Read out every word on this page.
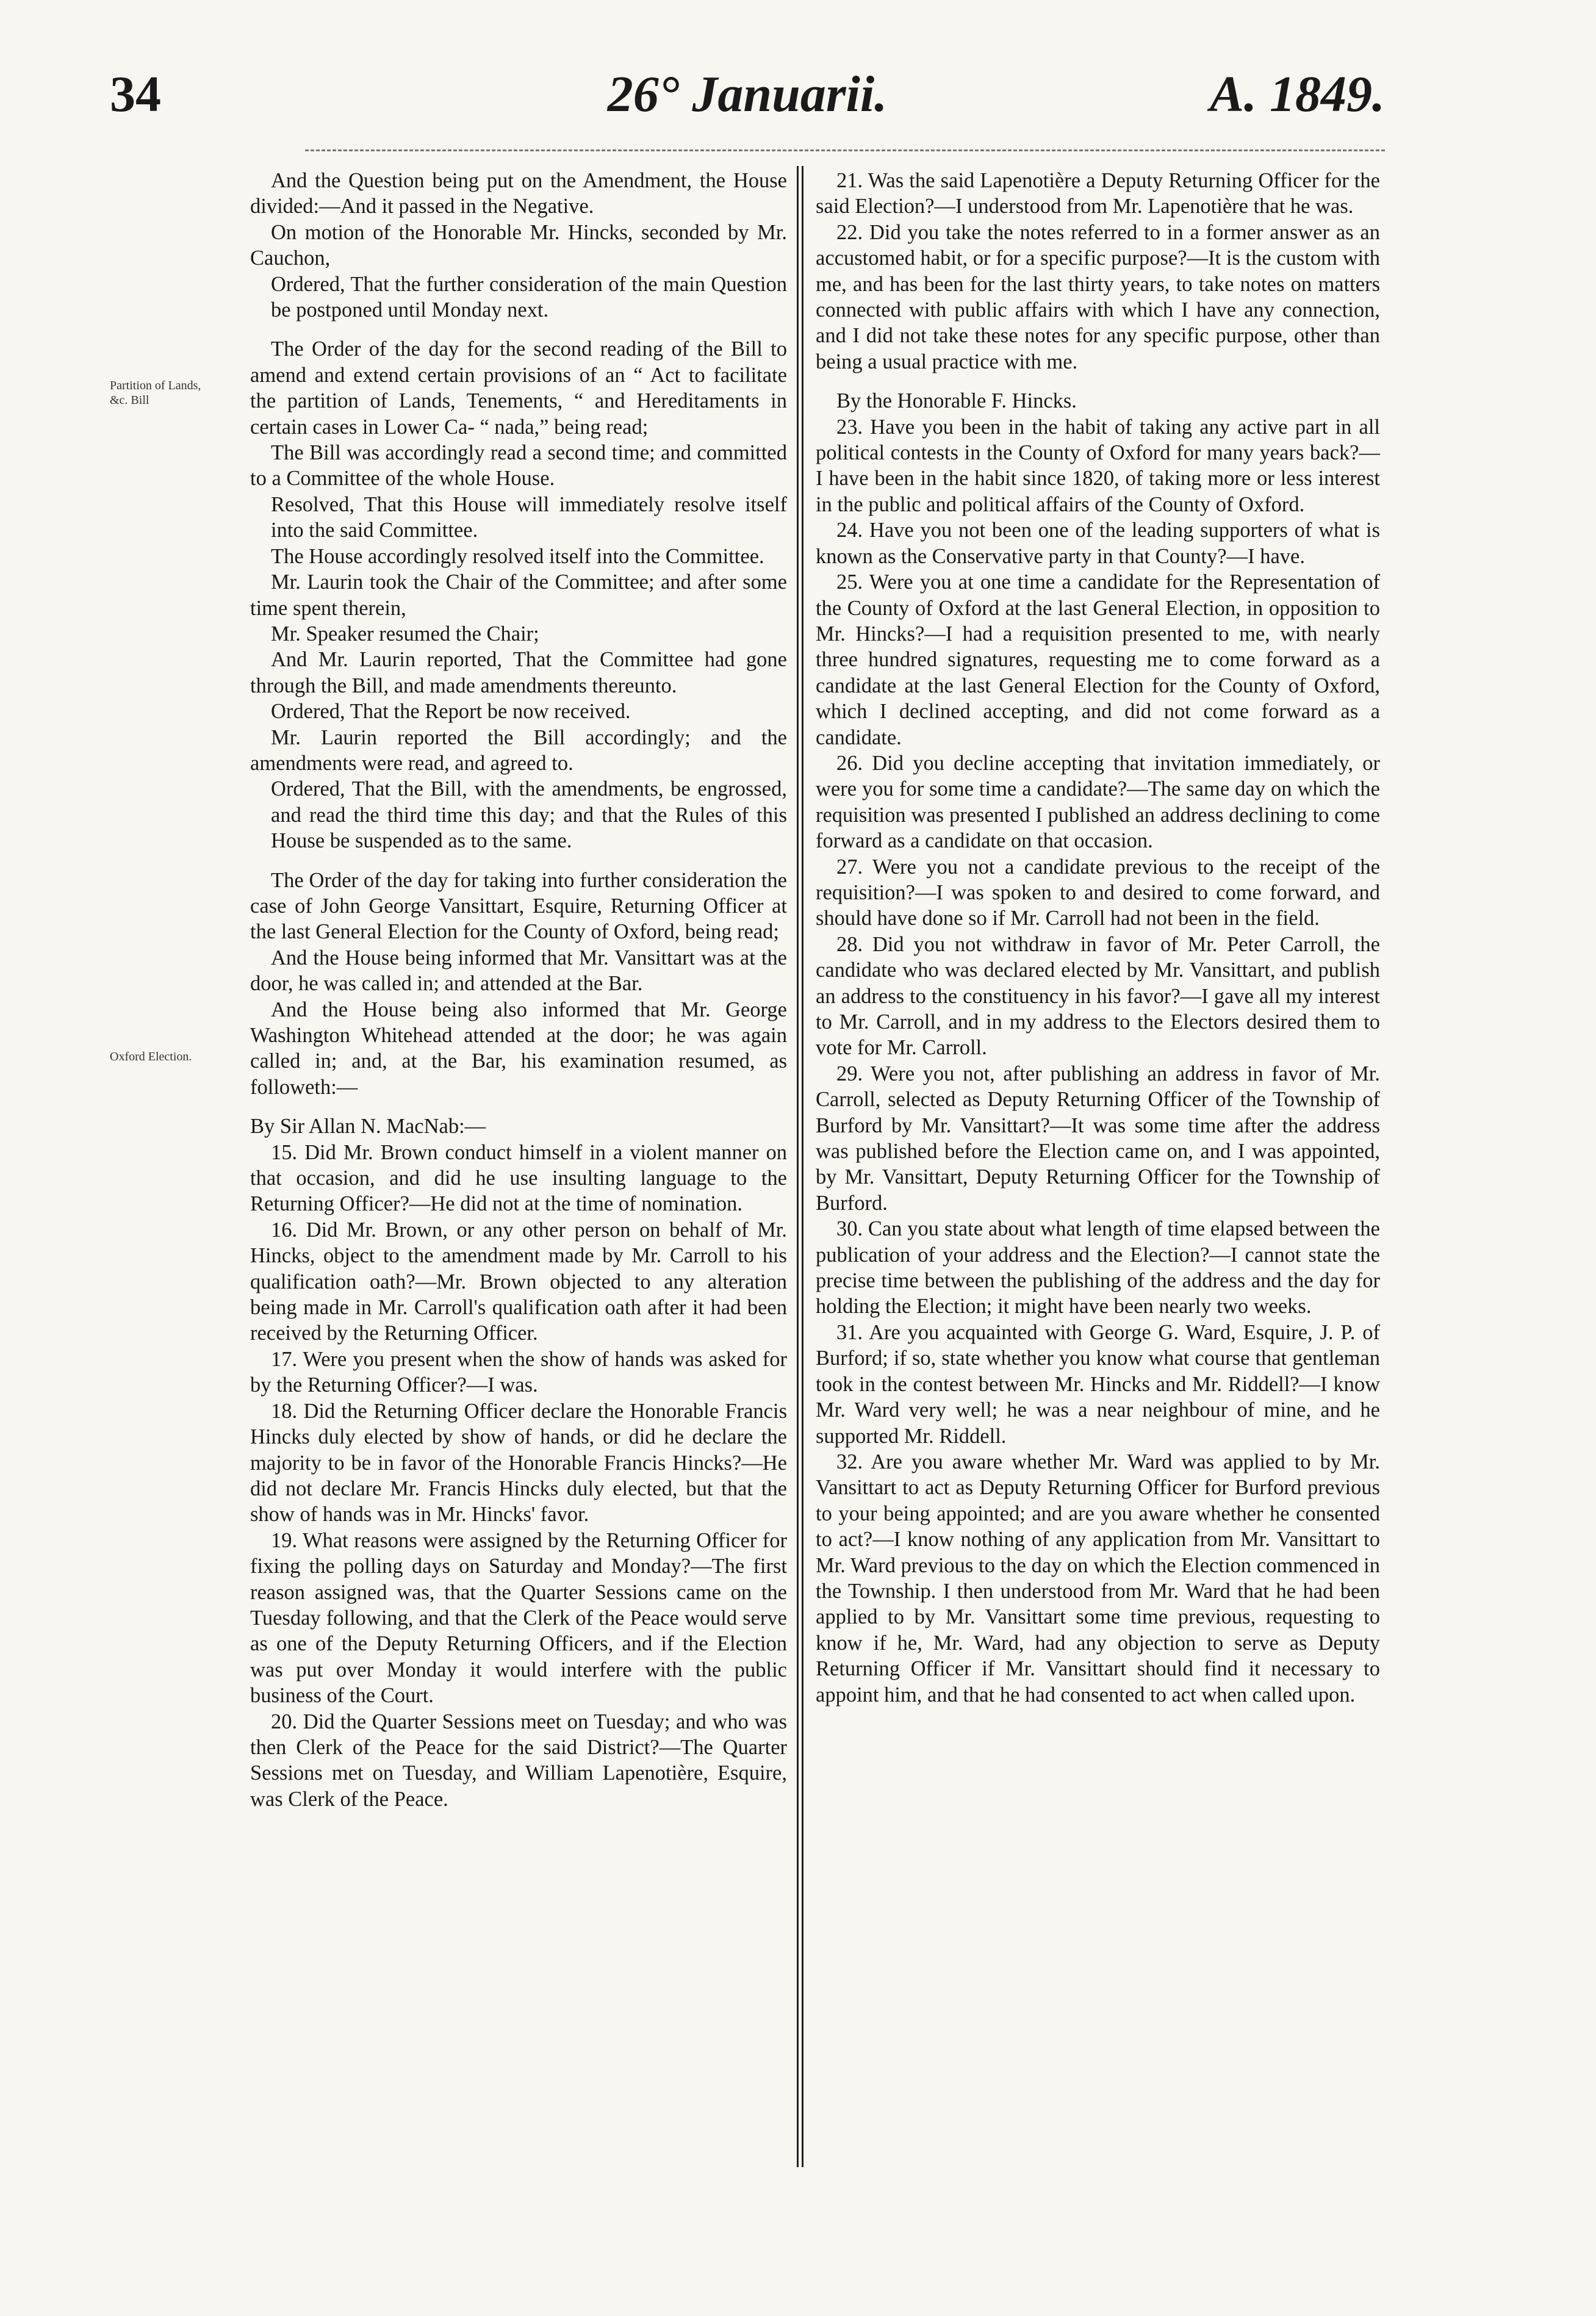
34	26° Januarii.	A. 1849.
Partition of Lands, &c. Bill
Oxford Election.

And the Question being put on the Amendment, the House divided:—And it passed in the Negative.

On motion of the Honorable Mr. Hincks, seconded by Mr. Cauchon,

Ordered, That the further consideration of the main Question be postponed until Monday next.

The Order of the day for the second reading of the Bill to amend and extend certain provisions of an “ Act to facilitate the partition of Lands, Tenements, “ and Hereditaments in certain cases in Lower Ca- “ nada,” being read;

The Bill was accordingly read a second time; and committed to a Committee of the whole House.

Resolved, That this House will immediately resolve itself into the said Committee.

The House accordingly resolved itself into the Committee.

Mr. Laurin took the Chair of the Committee; and after some time spent therein,

Mr. Speaker resumed the Chair;

And Mr. Laurin reported, That the Committee had gone through the Bill, and made amendments thereunto.

Ordered, That the Report be now received.

Mr. Laurin reported the Bill accordingly; and the amendments were read, and agreed to.

Ordered, That the Bill, with the amendments, be engrossed, and read the third time this day; and that the Rules of this House be suspended as to the same.

The Order of the day for taking into further consideration the case of John George Vansittart, Esquire, Returning Officer at the last General Election for the County of Oxford, being read;

And the House being informed that Mr. Vansittart was at the door, he was called in; and attended at the Bar.

And the House being also informed that Mr. George Washington Whitehead attended at the door; he was again called in; and, at the Bar, his examination resumed, as followeth:—

By Sir Allan N. MacNab:—

15. Did Mr. Brown conduct himself in a violent manner on that occasion, and did he use insulting language to the Returning Officer?—He did not at the time of nomination.

16. Did Mr. Brown, or any other person on behalf of Mr. Hincks, object to the amendment made by Mr. Carroll to his qualification oath?—Mr. Brown objected to any alteration being made in Mr. Carroll's qualification oath after it had been received by the Returning Officer.

17. Were you present when the show of hands was asked for by the Returning Officer?—I was.

18. Did the Returning Officer declare the Honorable Francis Hincks duly elected by show of hands, or did he declare the majority to be in favor of the Honorable Francis Hincks?—He did not declare Mr. Francis Hincks duly elected, but that the show of hands was in Mr. Hincks' favor.

19. What reasons were assigned by the Returning Officer for fixing the polling days on Saturday and Monday?—The first reason assigned was, that the Quarter Sessions came on the Tuesday following, and that the Clerk of the Peace would serve as one of the Deputy Returning Officers, and if the Election was put over Monday it would interfere with the public business of the Court.

20. Did the Quarter Sessions meet on Tuesday; and who was then Clerk of the Peace for the said District?—The Quarter Sessions met on Tuesday, and William Lapenotière, Esquire, was Clerk of the Peace.

21. Was the said Lapenotière a Deputy Returning Officer for the said Election?—I understood from Mr. Lapenotière that he was.

22. Did you take the notes referred to in a former answer as an accustomed habit, or for a specific purpose?—It is the custom with me, and has been for the last thirty years, to take notes on matters connected with public affairs with which I have any connection, and I did not take these notes for any specific purpose, other than being a usual practice with me.

By the Honorable F. Hincks.

23. Have you been in the habit of taking any active part in all political contests in the County of Oxford for many years back?—I have been in the habit since 1820, of taking more or less interest in the public and political affairs of the County of Oxford.

24. Have you not been one of the leading supporters of what is known as the Conservative party in that County?—I have.

25. Were you at one time a candidate for the Representation of the County of Oxford at the last General Election, in opposition to Mr. Hincks?—I had a requisition presented to me, with nearly three hundred signatures, requesting me to come forward as a candidate at the last General Election for the County of Oxford, which I declined accepting, and did not come forward as a candidate.

26. Did you decline accepting that invitation immediately, or were you for some time a candidate?—The same day on which the requisition was presented I published an address declining to come forward as a candidate on that occasion.

27. Were you not a candidate previous to the receipt of the requisition?—I was spoken to and desired to come forward, and should have done so if Mr. Carroll had not been in the field.

28. Did you not withdraw in favor of Mr. Peter Carroll, the candidate who was declared elected by Mr. Vansittart, and publish an address to the constituency in his favor?—I gave all my interest to Mr. Carroll, and in my address to the Electors desired them to vote for Mr. Carroll.

29. Were you not, after publishing an address in favor of Mr. Carroll, selected as Deputy Returning Officer of the Township of Burford by Mr. Vansittart?—It was some time after the address was published before the Election came on, and I was appointed, by Mr. Vansittart, Deputy Returning Officer for the Township of Burford.

30. Can you state about what length of time elapsed between the publication of your address and the Election?—I cannot state the precise time between the publishing of the address and the day for holding the Election; it might have been nearly two weeks.

31. Are you acquainted with George G. Ward, Esquire, J. P. of Burford; if so, state whether you know what course that gentleman took in the contest between Mr. Hincks and Mr. Riddell?—I know Mr. Ward very well; he was a near neighbour of mine, and he supported Mr. Riddell.

32. Are you aware whether Mr. Ward was applied to by Mr. Vansittart to act as Deputy Returning Officer for Burford previous to your being appointed; and are you aware whether he consented to act?—I know nothing of any application from Mr. Vansittart to Mr. Ward previous to the day on which the Election commenced in the Township. I then understood from Mr. Ward that he had been applied to by Mr. Vansittart some time previous, requesting to know if he, Mr. Ward, had any objection to serve as Deputy Returning Officer if Mr. Vansittart should find it necessary to appoint him, and that he had consented to act when called upon.
